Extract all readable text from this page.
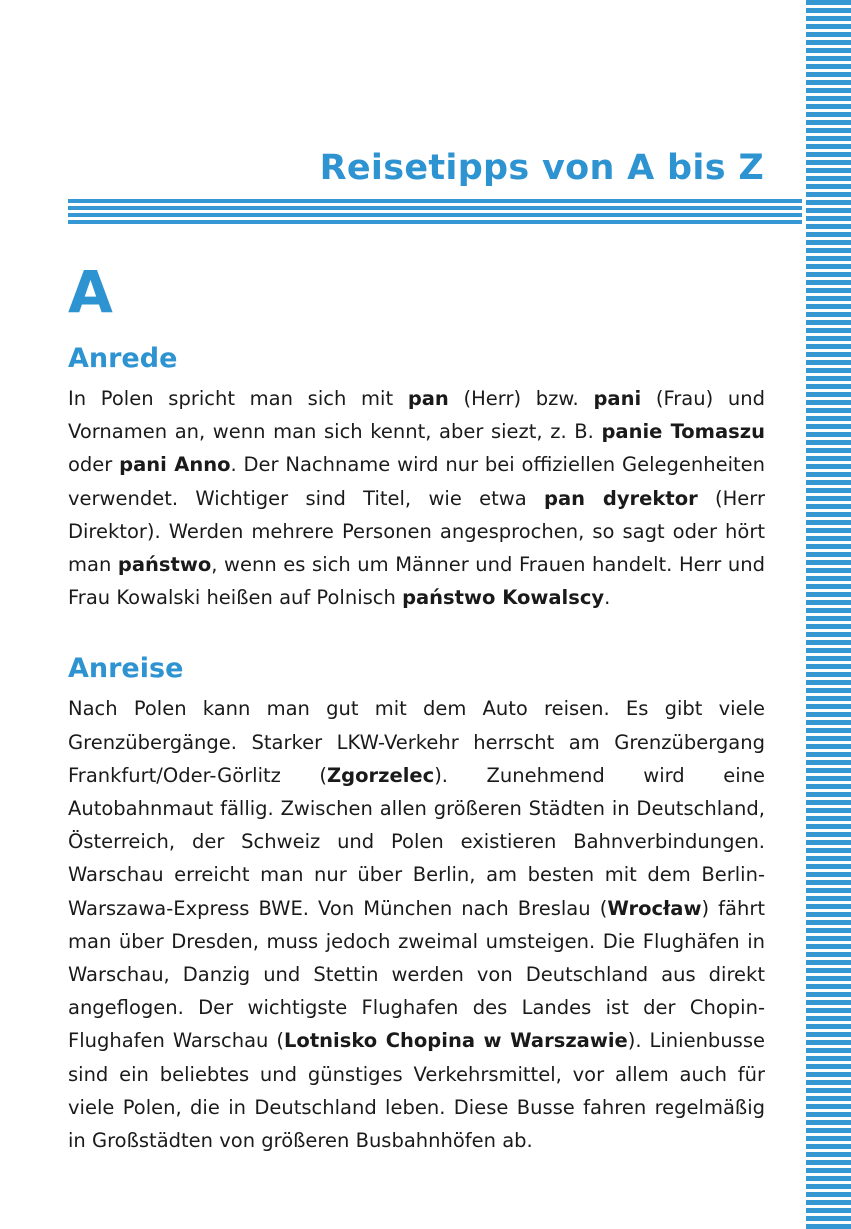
Reisetipps von A bis Z
A
Anrede

In Polen spricht man sich mit pan (Herr) bzw. pani (Frau) und Vornamen an, wenn man sich kennt, aber siezt, z. B. panie Tomaszu oder pani Anno. Der Nachname wird nur bei offiziellen Gelegenheiten verwendet. Wichtiger sind Titel, wie etwa pan dyrektor (Herr Direktor). Werden mehrere Personen angesprochen, so sagt oder hört man państwo, wenn es sich um Männer und Frauen handelt. Herr und Frau Kowalski heißen auf Polnisch państwo Kowalscy.

Anreise

Nach Polen kann man gut mit dem Auto reisen. Es gibt viele Grenzübergänge. Starker LKW-Verkehr herrscht am Grenzübergang Frankfurt/Oder-Görlitz (Zgorzelec). Zunehmend wird eine Autobahnmaut fällig. Zwischen allen größeren Städten in Deutschland, Österreich, der Schweiz und Polen existieren Bahnverbindungen. Warschau erreicht man nur über Berlin, am besten mit dem Berlin-Warszawa-Express BWE. Von München nach Breslau (Wrocław) fährt man über Dresden, muss jedoch zweimal umsteigen. Die Flughäfen in Warschau, Danzig und Stettin werden von Deutschland aus direkt angeflogen. Der wichtigste Flughafen des Landes ist der Chopin-Flughafen Warschau (Lotnisko Chopina w Warszawie). Linienbusse sind ein beliebtes und günstiges Verkehrsmittel, vor allem auch für viele Polen, die in Deutschland leben. Diese Busse fahren regelmäßig in Großstädten von größeren Busbahnhöfen ab.
